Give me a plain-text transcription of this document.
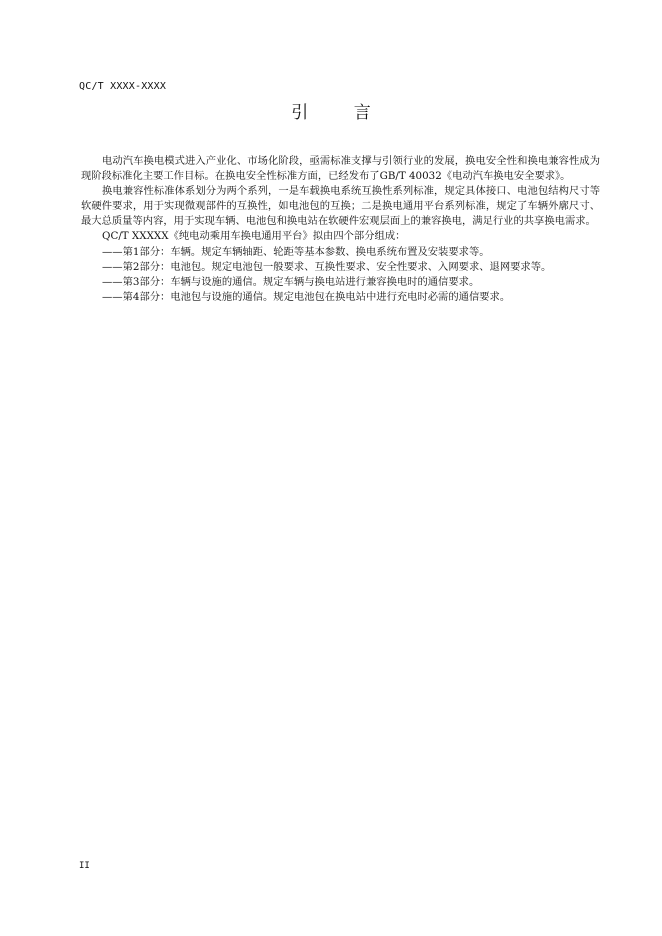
QC/T XXXX-XXXX
引 言

电动汽车换电模式进入产业化、市场化阶段，亟需标准支撑与引领行业的发展，换电安全性和换电兼容性成为现阶段标准化主要工作目标。在换电安全性标准方面，已经发布了GB/T 40032《电动汽车换电安全要求》。

换电兼容性标准体系划分为两个系列，一是车载换电系统互换性系列标准，规定具体接口、电池包结构尺寸等软硬件要求，用于实现微观部件的互换性，如电池包的互换；二是换电通用平台系列标准，规定了车辆外廓尺寸、最大总质量等内容，用于实现车辆、电池包和换电站在软硬件宏观层面上的兼容换电，满足行业的共享换电需求。

QC/T XXXXX《纯电动乘用车换电通用平台》拟由四个部分组成：

——第1部分：车辆。规定车辆轴距、轮距等基本参数、换电系统布置及安装要求等。

——第2部分：电池包。规定电池包一般要求、互换性要求、安全性要求、入网要求、退网要求等。

——第3部分：车辆与设施的通信。规定车辆与换电站进行兼容换电时的通信要求。

——第4部分：电池包与设施的通信。规定电池包在换电站中进行充电时必需的通信要求。

II
